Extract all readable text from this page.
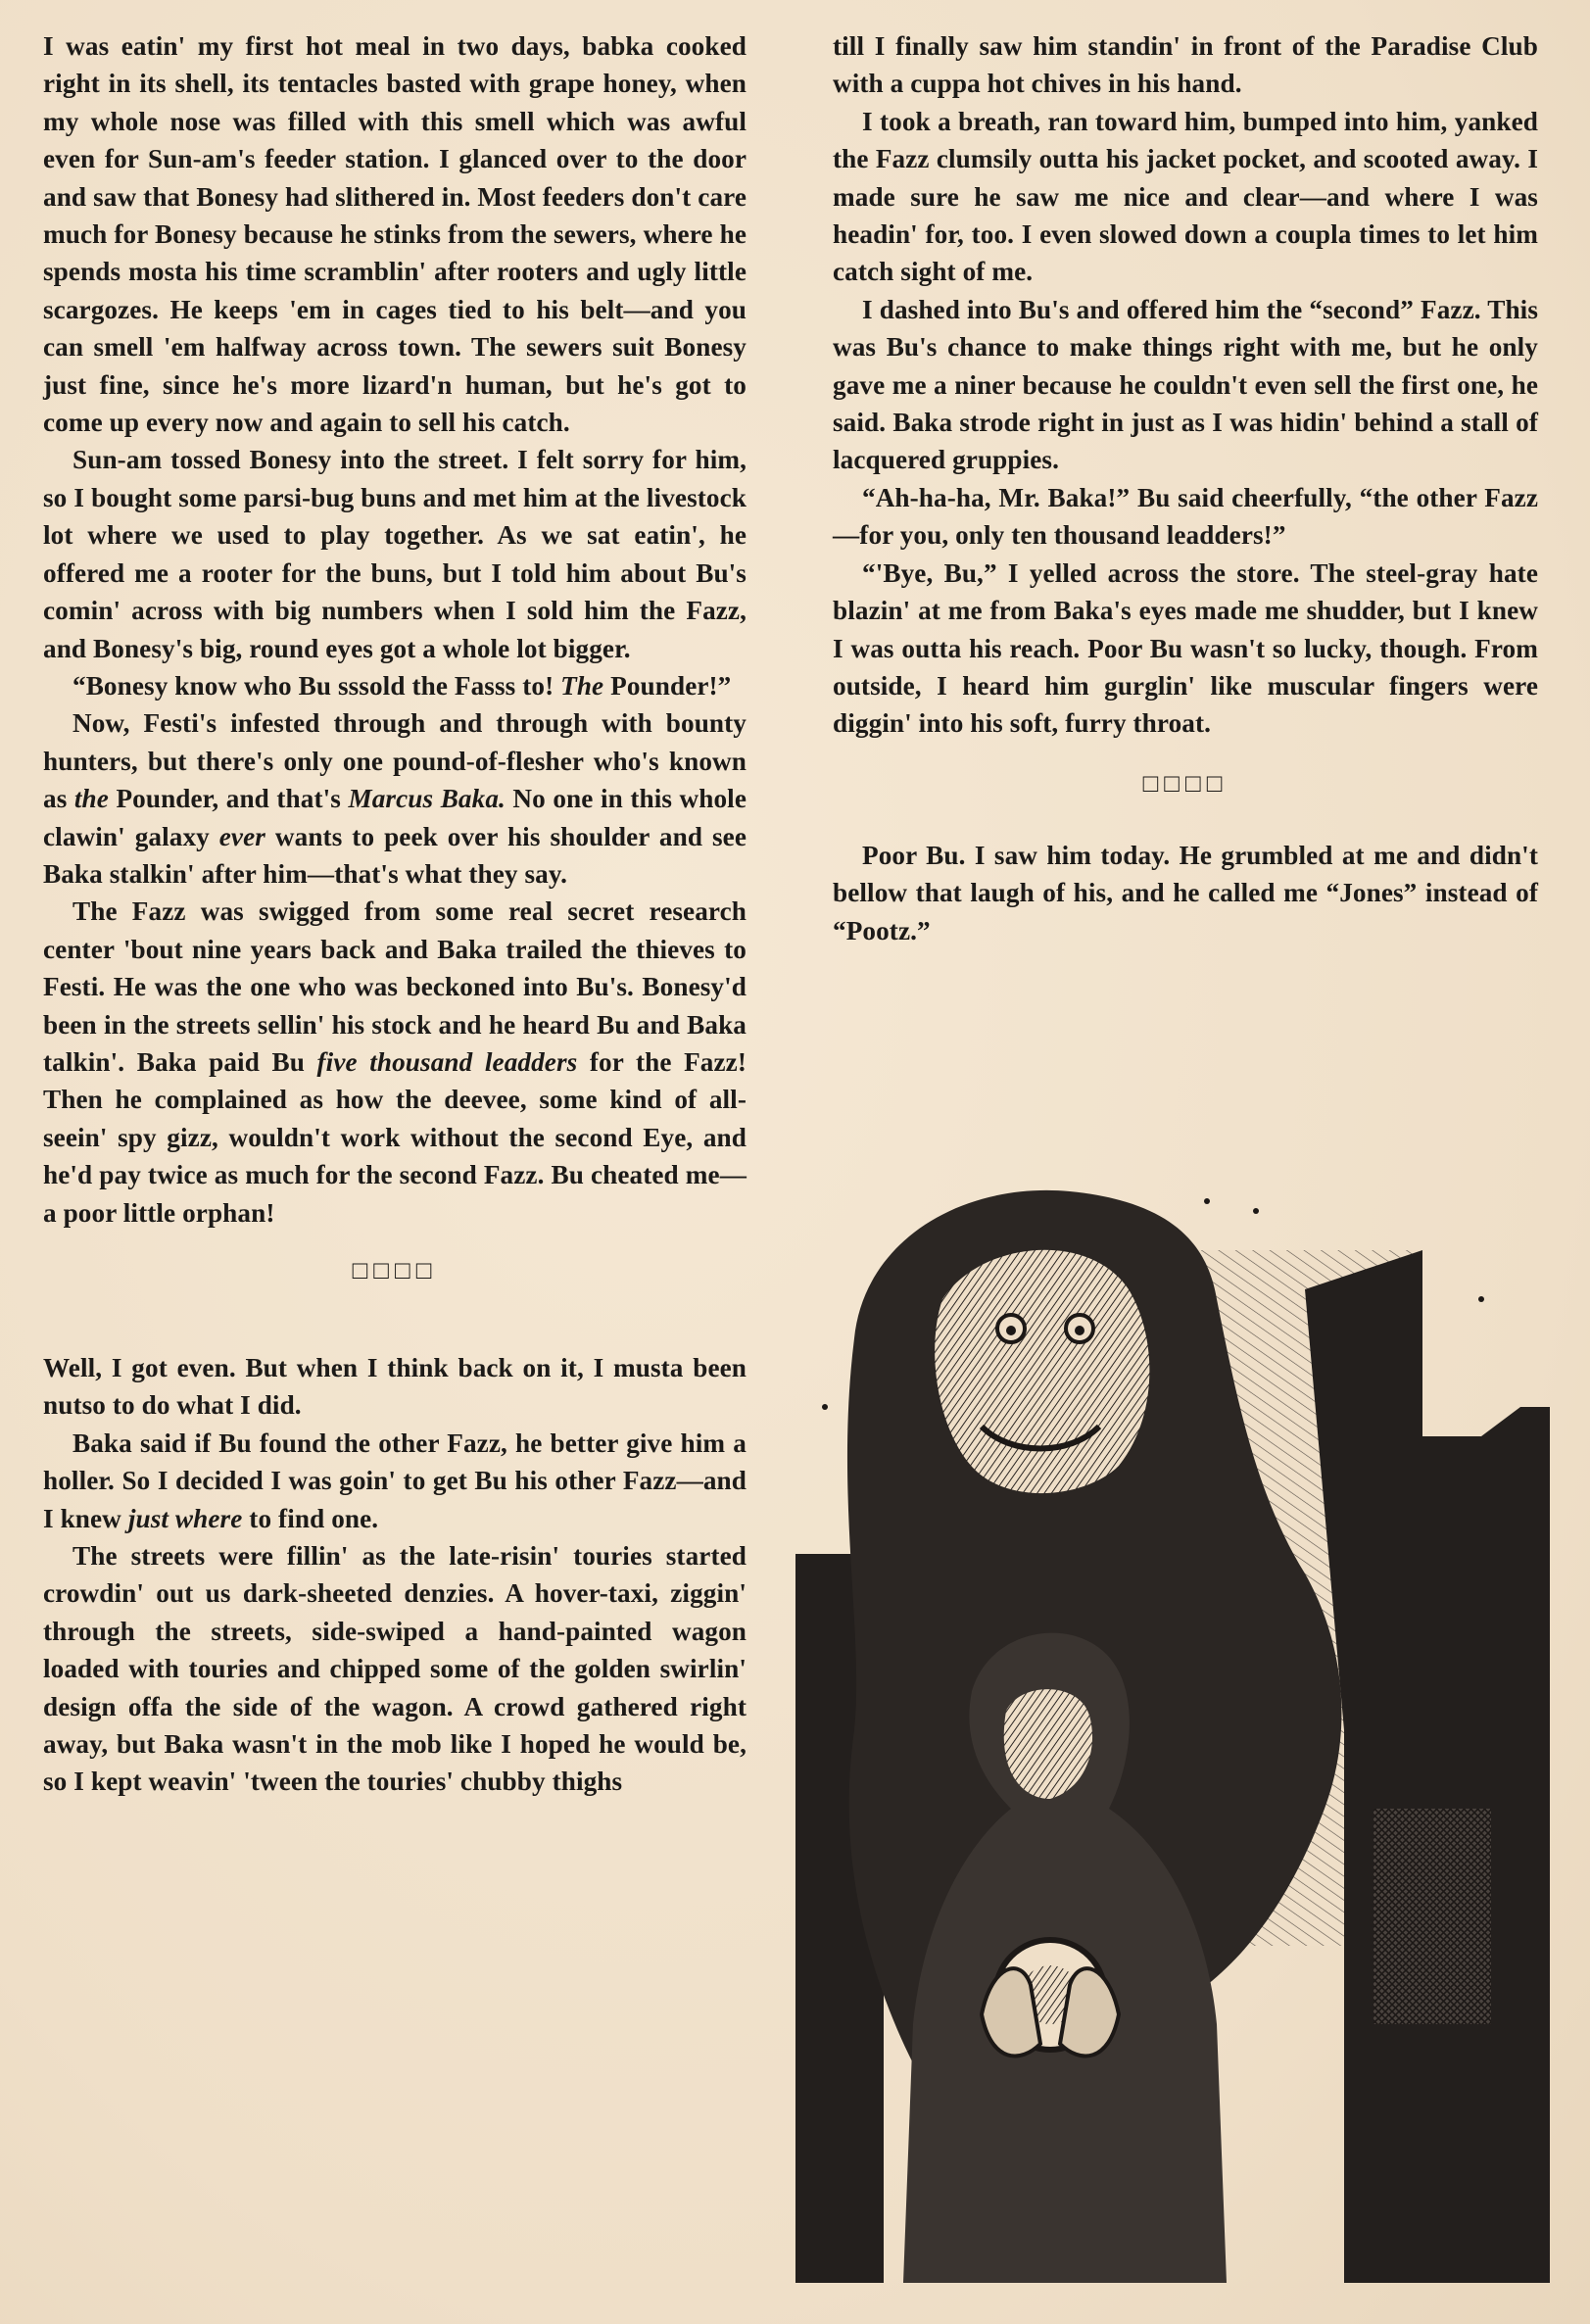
I was eatin' my first hot meal in two days, babka cooked right in its shell, its tentacles basted with grape honey, when my whole nose was filled with this smell which was awful even for Sun-am's feeder station. I glanced over to the door and saw that Bonesy had slithered in. Most feeders don't care much for Bonesy because he stinks from the sewers, where he spends mosta his time scramblin' after rooters and ugly little scargozes. He keeps 'em in cages tied to his belt—and you can smell 'em halfway across town. The sewers suit Bonesy just fine, since he's more lizard'n human, but he's got to come up every now and again to sell his catch.

Sun-am tossed Bonesy into the street. I felt sorry for him, so I bought some parsi-bug buns and met him at the livestock lot where we used to play together. As we sat eatin', he offered me a rooter for the buns, but I told him about Bu's comin' across with big numbers when I sold him the Fazz, and Bonesy's big, round eyes got a whole lot bigger.

“Bonesy know who Bu sssold the Fasss to! The Pounder!”

Now, Festi's infested through and through with bounty hunters, but there's only one pound-of-flesher who's known as the Pounder, and that's Marcus Baka. No one in this whole clawin' galaxy ever wants to peek over his shoulder and see Baka stalkin' after him—that's what they say.

The Fazz was swigged from some real secret research center 'bout nine years back and Baka trailed the thieves to Festi. He was the one who was beckoned into Bu's. Bonesy'd been in the streets sellin' his stock and he heard Bu and Baka talkin'. Baka paid Bu five thousand leadders for the Fazz! Then he complained as how the deevee, some kind of all-seein' spy gizz, wouldn't work without the second Eye, and he'd pay twice as much for the second Fazz. Bu cheated me—a poor little orphan!

□□□□

Well, I got even. But when I think back on it, I musta been nutso to do what I did.

Baka said if Bu found the other Fazz, he better give him a holler. So I decided I was goin' to get Bu his other Fazz—and I knew just where to find one.

The streets were fillin' as the late-risin' touries started crowdin' out us dark-sheeted denzies. A hover-taxi, ziggin' through the streets, side-swiped a hand-painted wagon loaded with touries and chipped some of the golden swirlin' design offa the side of the wagon. A crowd gathered right away, but Baka wasn't in the mob like I hoped he would be, so I kept weavin' 'tween the touries' chubby thighs

till I finally saw him standin' in front of the Paradise Club with a cuppa hot chives in his hand.

I took a breath, ran toward him, bumped into him, yanked the Fazz clumsily outta his jacket pocket, and scooted away. I made sure he saw me nice and clear—and where I was headin' for, too. I even slowed down a coupla times to let him catch sight of me.

I dashed into Bu's and offered him the “second” Fazz. This was Bu's chance to make things right with me, but he only gave me a niner because he couldn't even sell the first one, he said. Baka strode right in just as I was hidin' behind a stall of lacquered gruppies.

“Ah-ha-ha, Mr. Baka!” Bu said cheerfully, “the other Fazz—for you, only ten thousand leadders!”

“'Bye, Bu,” I yelled across the store. The steel-gray hate blazin' at me from Baka's eyes made me shudder, but I knew I was outta his reach. Poor Bu wasn't so lucky, though. From outside, I heard him gurglin' like muscular fingers were diggin' into his soft, furry throat.

□□□□

Poor Bu. I saw him today. He grumbled at me and didn't bellow that laugh of his, and he called me “Jones” instead of “Pootz.”
